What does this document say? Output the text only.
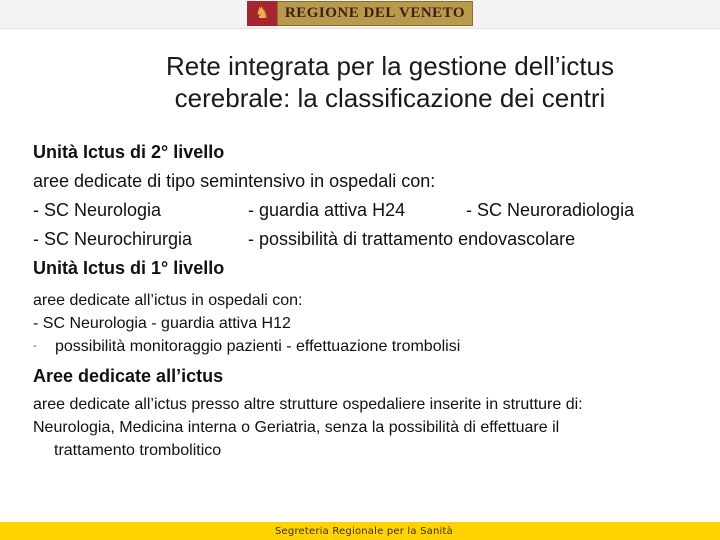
♞	REGIONE DEL VENETO
Rete integrata per la gestione dell’ictus
cerebrale: la classificazione dei centri
Unità Ictus di 2° livello
aree dedicate di tipo semintensivo in ospedali con:
- SC Neurologia	- guardia attiva H24	- SC Neuroradiologia
- SC Neurochirurgia	- possibilità di trattamento endovascolare
Unità Ictus di 1° livello
aree dedicate all’ictus in ospedali con:
- SC Neurologia - guardia attiva H12
- possibilità monitoraggio pazienti - effettuazione trombolisi
Aree dedicate all’ictus
aree dedicate all’ictus presso altre strutture ospedaliere inserite in strutture di:
Neurologia, Medicina interna o Geriatria, senza la possibilità di effettuare il
trattamento trombolitico
Segreteria Regionale per la Sanità
